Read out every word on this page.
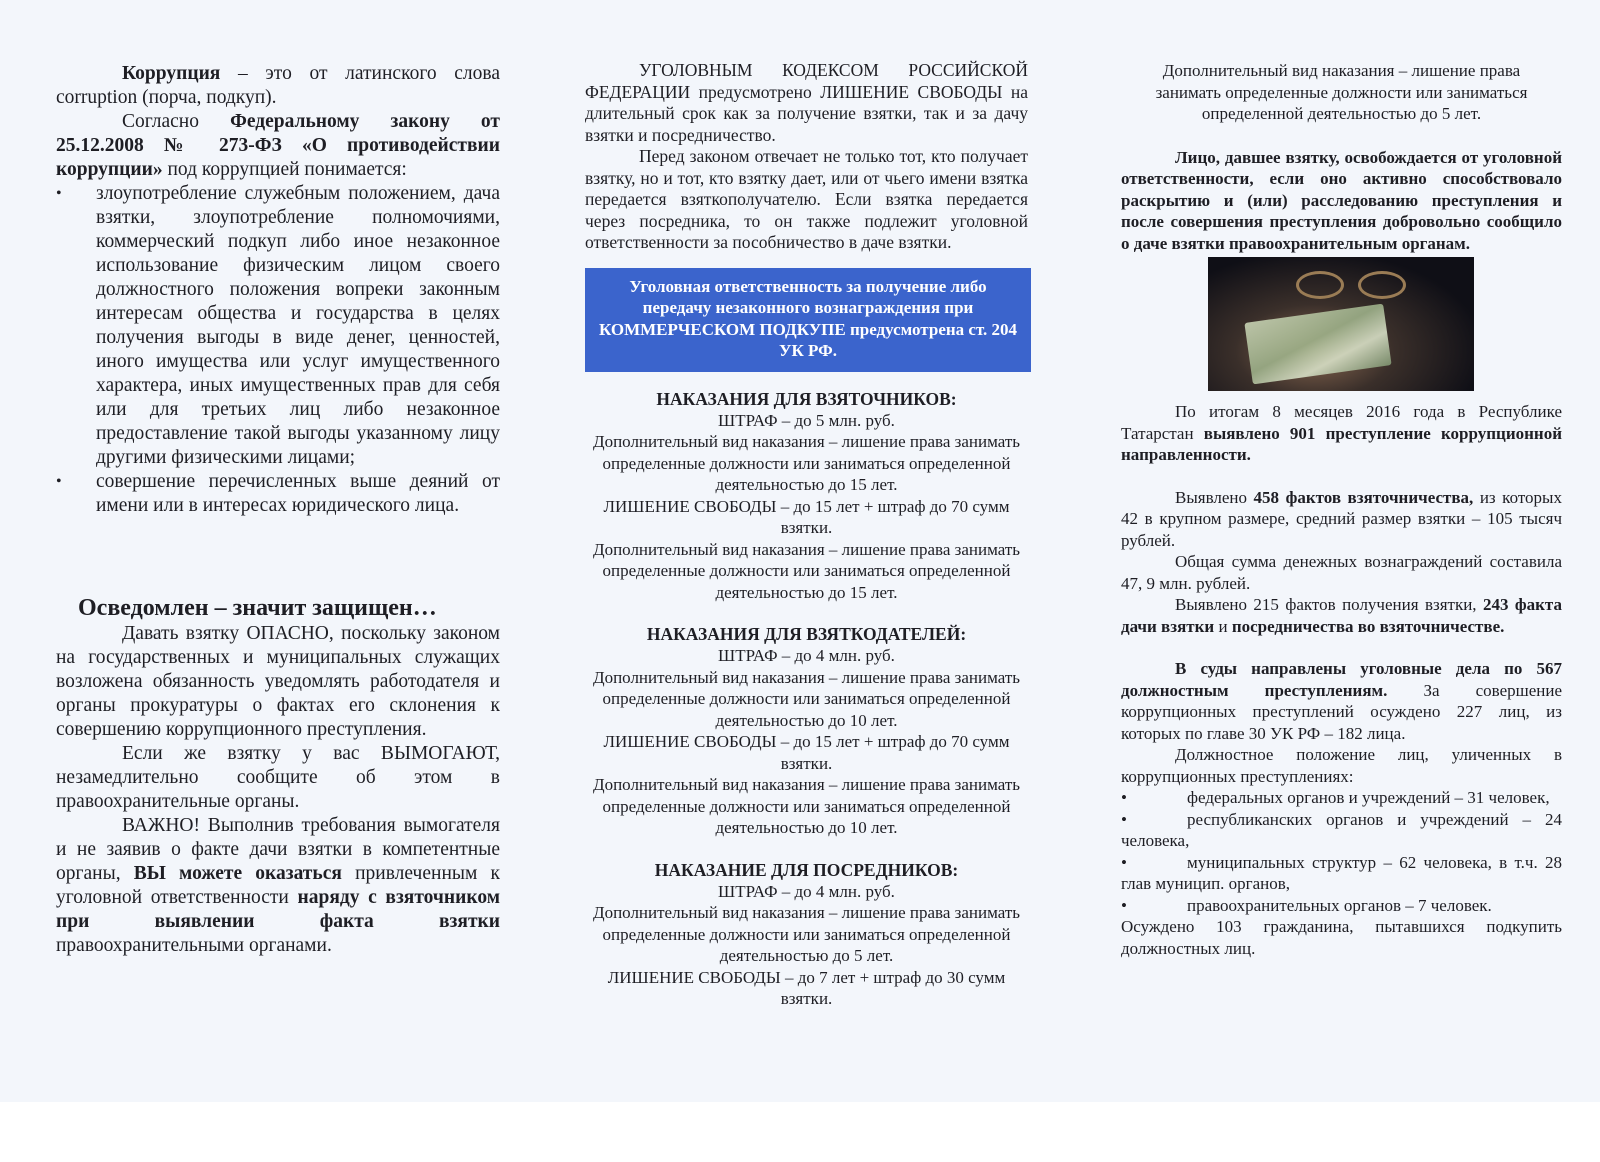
Коррупция – это от латинского слова corruption (порча, подкуп).

Согласно Федеральному закону от 25.12.2008 № 273-ФЗ «О противодействии коррупции» под коррупцией понимается:

• злоупотребление служебным положением, дача взятки, злоупотребление полномочиями, коммерческий подкуп либо иное незаконное использование физическим лицом своего должностного положения вопреки законным интересам общества и государства в целях получения выгоды в виде денег, ценностей, иного имущества или услуг имущественного характера, иных имущественных прав для себя или для третьих лиц либо незаконное предоставление такой выгоды указанному лицу другими физическими лицами;
• совершение перечисленных выше деяний от имени или в интересах юридического лица.
Осведомлен – значит защищен…

Давать взятку ОПАСНО, поскольку законом на государственных и муниципальных служащих возложена обязанность уведомлять работодателя и органы прокуратуры о фактах его склонения к совершению коррупционного преступления.

Если же взятку у вас ВЫМОГАЮТ, незамедлительно сообщите об этом в правоохранительные органы.

ВАЖНО! Выполнив требования вымогателя и не заявив о факте дачи взятки в компетентные органы, ВЫ можете оказаться привлеченным к уголовной ответственности наряду с взяточником при выявлении факта взятки правоохранительными органами.

УГОЛОВНЫМ КОДЕКСОМ РОССИЙСКОЙ ФЕДЕРАЦИИ предусмотрено ЛИШЕНИЕ СВОБОДЫ на длительный срок как за получение взятки, так и за дачу взятки и посредничество.

Перед законом отвечает не только тот, кто получает взятку, но и тот, кто взятку дает, или от чьего имени взятка передается взяткополучателю. Если взятка передается через посредника, то он также подлежит уголовной ответственности за пособничество в даче взятки.

Уголовная ответственность за получение либо передачу незаконного вознаграждения при КОММЕРЧЕСКОМ ПОДКУПЕ предусмотрена ст. 204 УК РФ.
НАКАЗАНИЯ ДЛЯ ВЗЯТОЧНИКОВ:

ШТРАФ – до 5 млн. руб.

Дополнительный вид наказания – лишение права занимать определенные должности или заниматься определенной деятельностью до 15 лет.

ЛИШЕНИЕ СВОБОДЫ – до 15 лет + штраф до 70 сумм взятки.

Дополнительный вид наказания – лишение права занимать определенные должности или заниматься определенной деятельностью до 15 лет.

НАКАЗАНИЯ ДЛЯ ВЗЯТКОДАТЕЛЕЙ:

ШТРАФ – до 4 млн. руб.

Дополнительный вид наказания – лишение права занимать определенные должности или заниматься определенной деятельностью до 10 лет.

ЛИШЕНИЕ СВОБОДЫ – до 15 лет + штраф до 70 сумм взятки.

Дополнительный вид наказания – лишение права занимать определенные должности или заниматься определенной деятельностью до 10 лет.

НАКАЗАНИЕ ДЛЯ ПОСРЕДНИКОВ:

ШТРАФ – до 4 млн. руб.

Дополнительный вид наказания – лишение права занимать определенные должности или заниматься определенной деятельностью до 5 лет.

ЛИШЕНИЕ СВОБОДЫ – до 7 лет + штраф до 30 сумм взятки.

Дополнительный вид наказания – лишение права занимать определенные должности или заниматься определенной деятельностью до 5 лет.

Лицо, давшее взятку, освобождается от уголовной ответственности, если оно активно способствовало раскрытию и (или) расследованию преступления и после совершения преступления добровольно сообщило о даче взятки правоохранительным органам.

По итогам 8 месяцев 2016 года в Республике Татарстан выявлено 901 преступление коррупционной направленности.

Выявлено 458 фактов взяточничества, из которых 42 в крупном размере, средний размер взятки – 105 тысяч рублей.

Общая сумма денежных вознаграждений составила 47, 9 млн. рублей.

Выявлено 215 фактов получения взятки, 243 факта дачи взятки и посредничества во взяточничестве.

В суды направлены уголовные дела по 567 должностным преступлениям. За совершение коррупционных преступлений осуждено 227 лиц, из которых по главе 30 УК РФ – 182 лица.

Должностное положение лиц, уличенных в коррупционных преступлениях:

•	федеральных органов и учреждений – 31 человек,

•	республиканских органов и учреждений – 24 человека,

•	муниципальных структур – 62 человека, в т.ч. 28 глав муницип. органов,

•	правоохранительных органов – 7 человек.

Осуждено 103 гражданина, пытавшихся подкупить должностных лиц.
